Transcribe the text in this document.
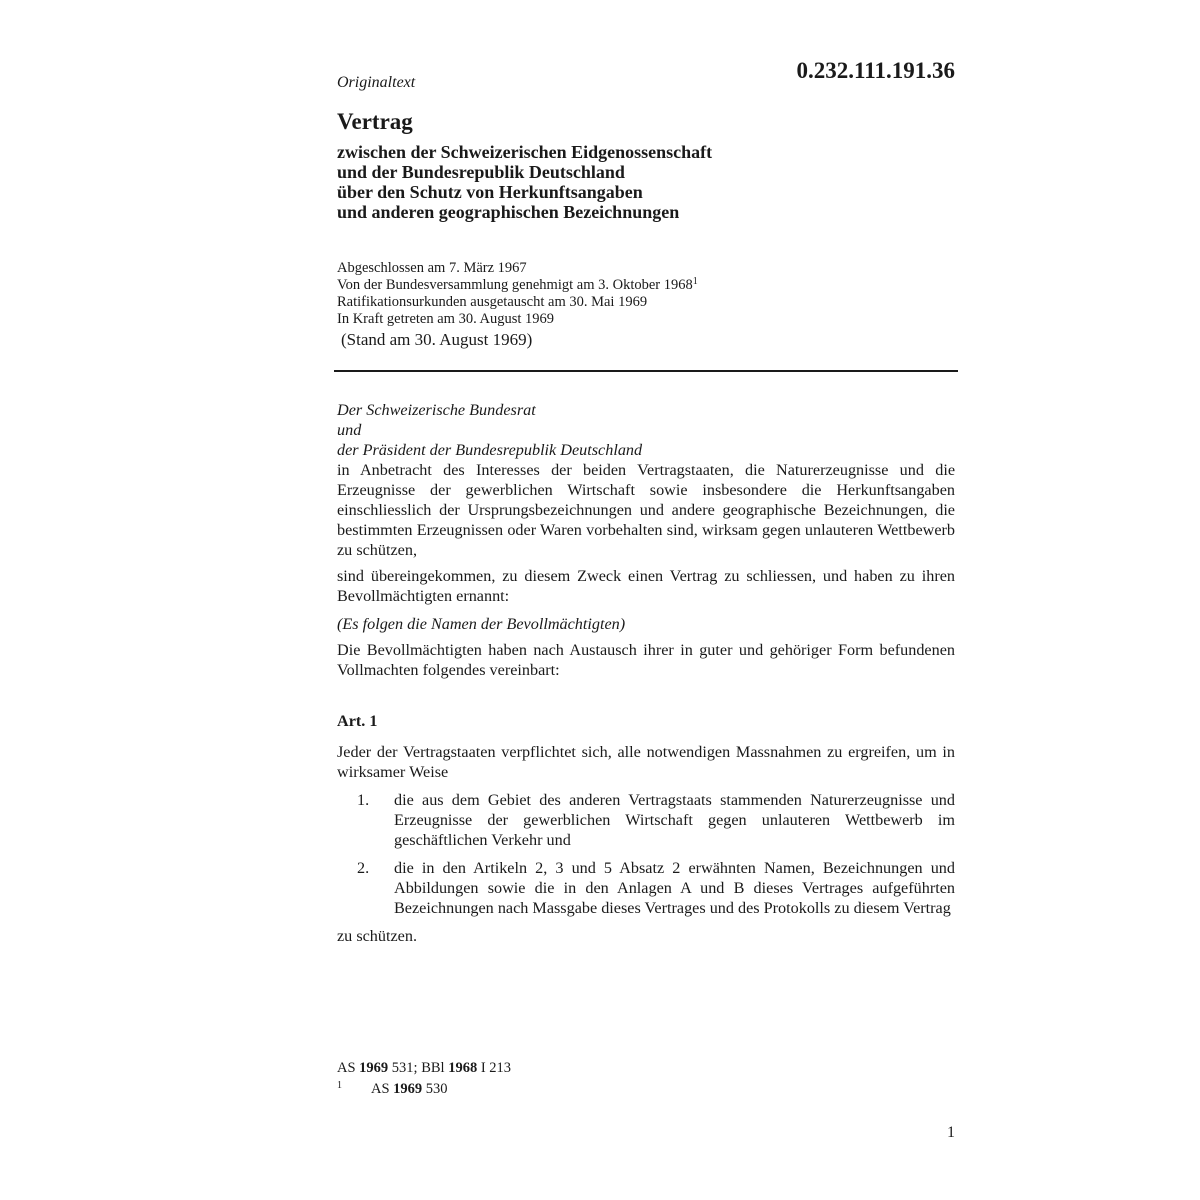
0.232.111.191.36
Originaltext
Vertrag
zwischen der Schweizerischen Eidgenossenschaft
und der Bundesrepublik Deutschland
über den Schutz von Herkunftsangaben
und anderen geographischen Bezeichnungen
Abgeschlossen am 7. März 1967
Von der Bundesversammlung genehmigt am 3. Oktober 1968$^1$
Ratifikationsurkunden ausgetauscht am 30. Mai 1969
In Kraft getreten am 30. August 1969
(Stand am 30. August 1969)

Der Schweizerische Bundesrat

und

der Präsident der Bundesrepublik Deutschland

in Anbetracht des Interesses der beiden Vertragstaaten, die Naturerzeugnisse und die Erzeugnisse der gewerblichen Wirtschaft sowie insbesondere die Herkunftsangaben einschliesslich der Ursprungsbezeichnungen und andere geographische Bezeichnungen, die bestimmten Erzeugnissen oder Waren vorbehalten sind, wirksam gegen unlauteren Wettbewerb zu schützen,

sind übereingekommen, zu diesem Zweck einen Vertrag zu schliessen, und haben zu ihren Bevollmächtigten ernannt:

(Es folgen die Namen der Bevollmächtigten)

Die Bevollmächtigten haben nach Austausch ihrer in guter und gehöriger Form befundenen Vollmachten folgendes vereinbart:

Art. 1

Jeder der Vertragstaaten verpflichtet sich, alle notwendigen Massnahmen zu ergreifen, um in wirksamer Weise

1. die aus dem Gebiet des anderen Vertragstaats stammenden Naturerzeugnisse und Erzeugnisse der gewerblichen Wirtschaft gegen unlauteren Wettbewerb im geschäftlichen Verkehr und
2. die in den Artikeln 2, 3 und 5 Absatz 2 erwähnten Namen, Bezeichnungen und Abbildungen sowie die in den Anlagen A und B dieses Vertrages aufgeführten Bezeichnungen nach Massgabe dieses Vertrages und des Protokolls zu diesem Vertrag

zu schützen.

AS 1969 531; BBl 1968 I 213
1 AS 1969 530
1
